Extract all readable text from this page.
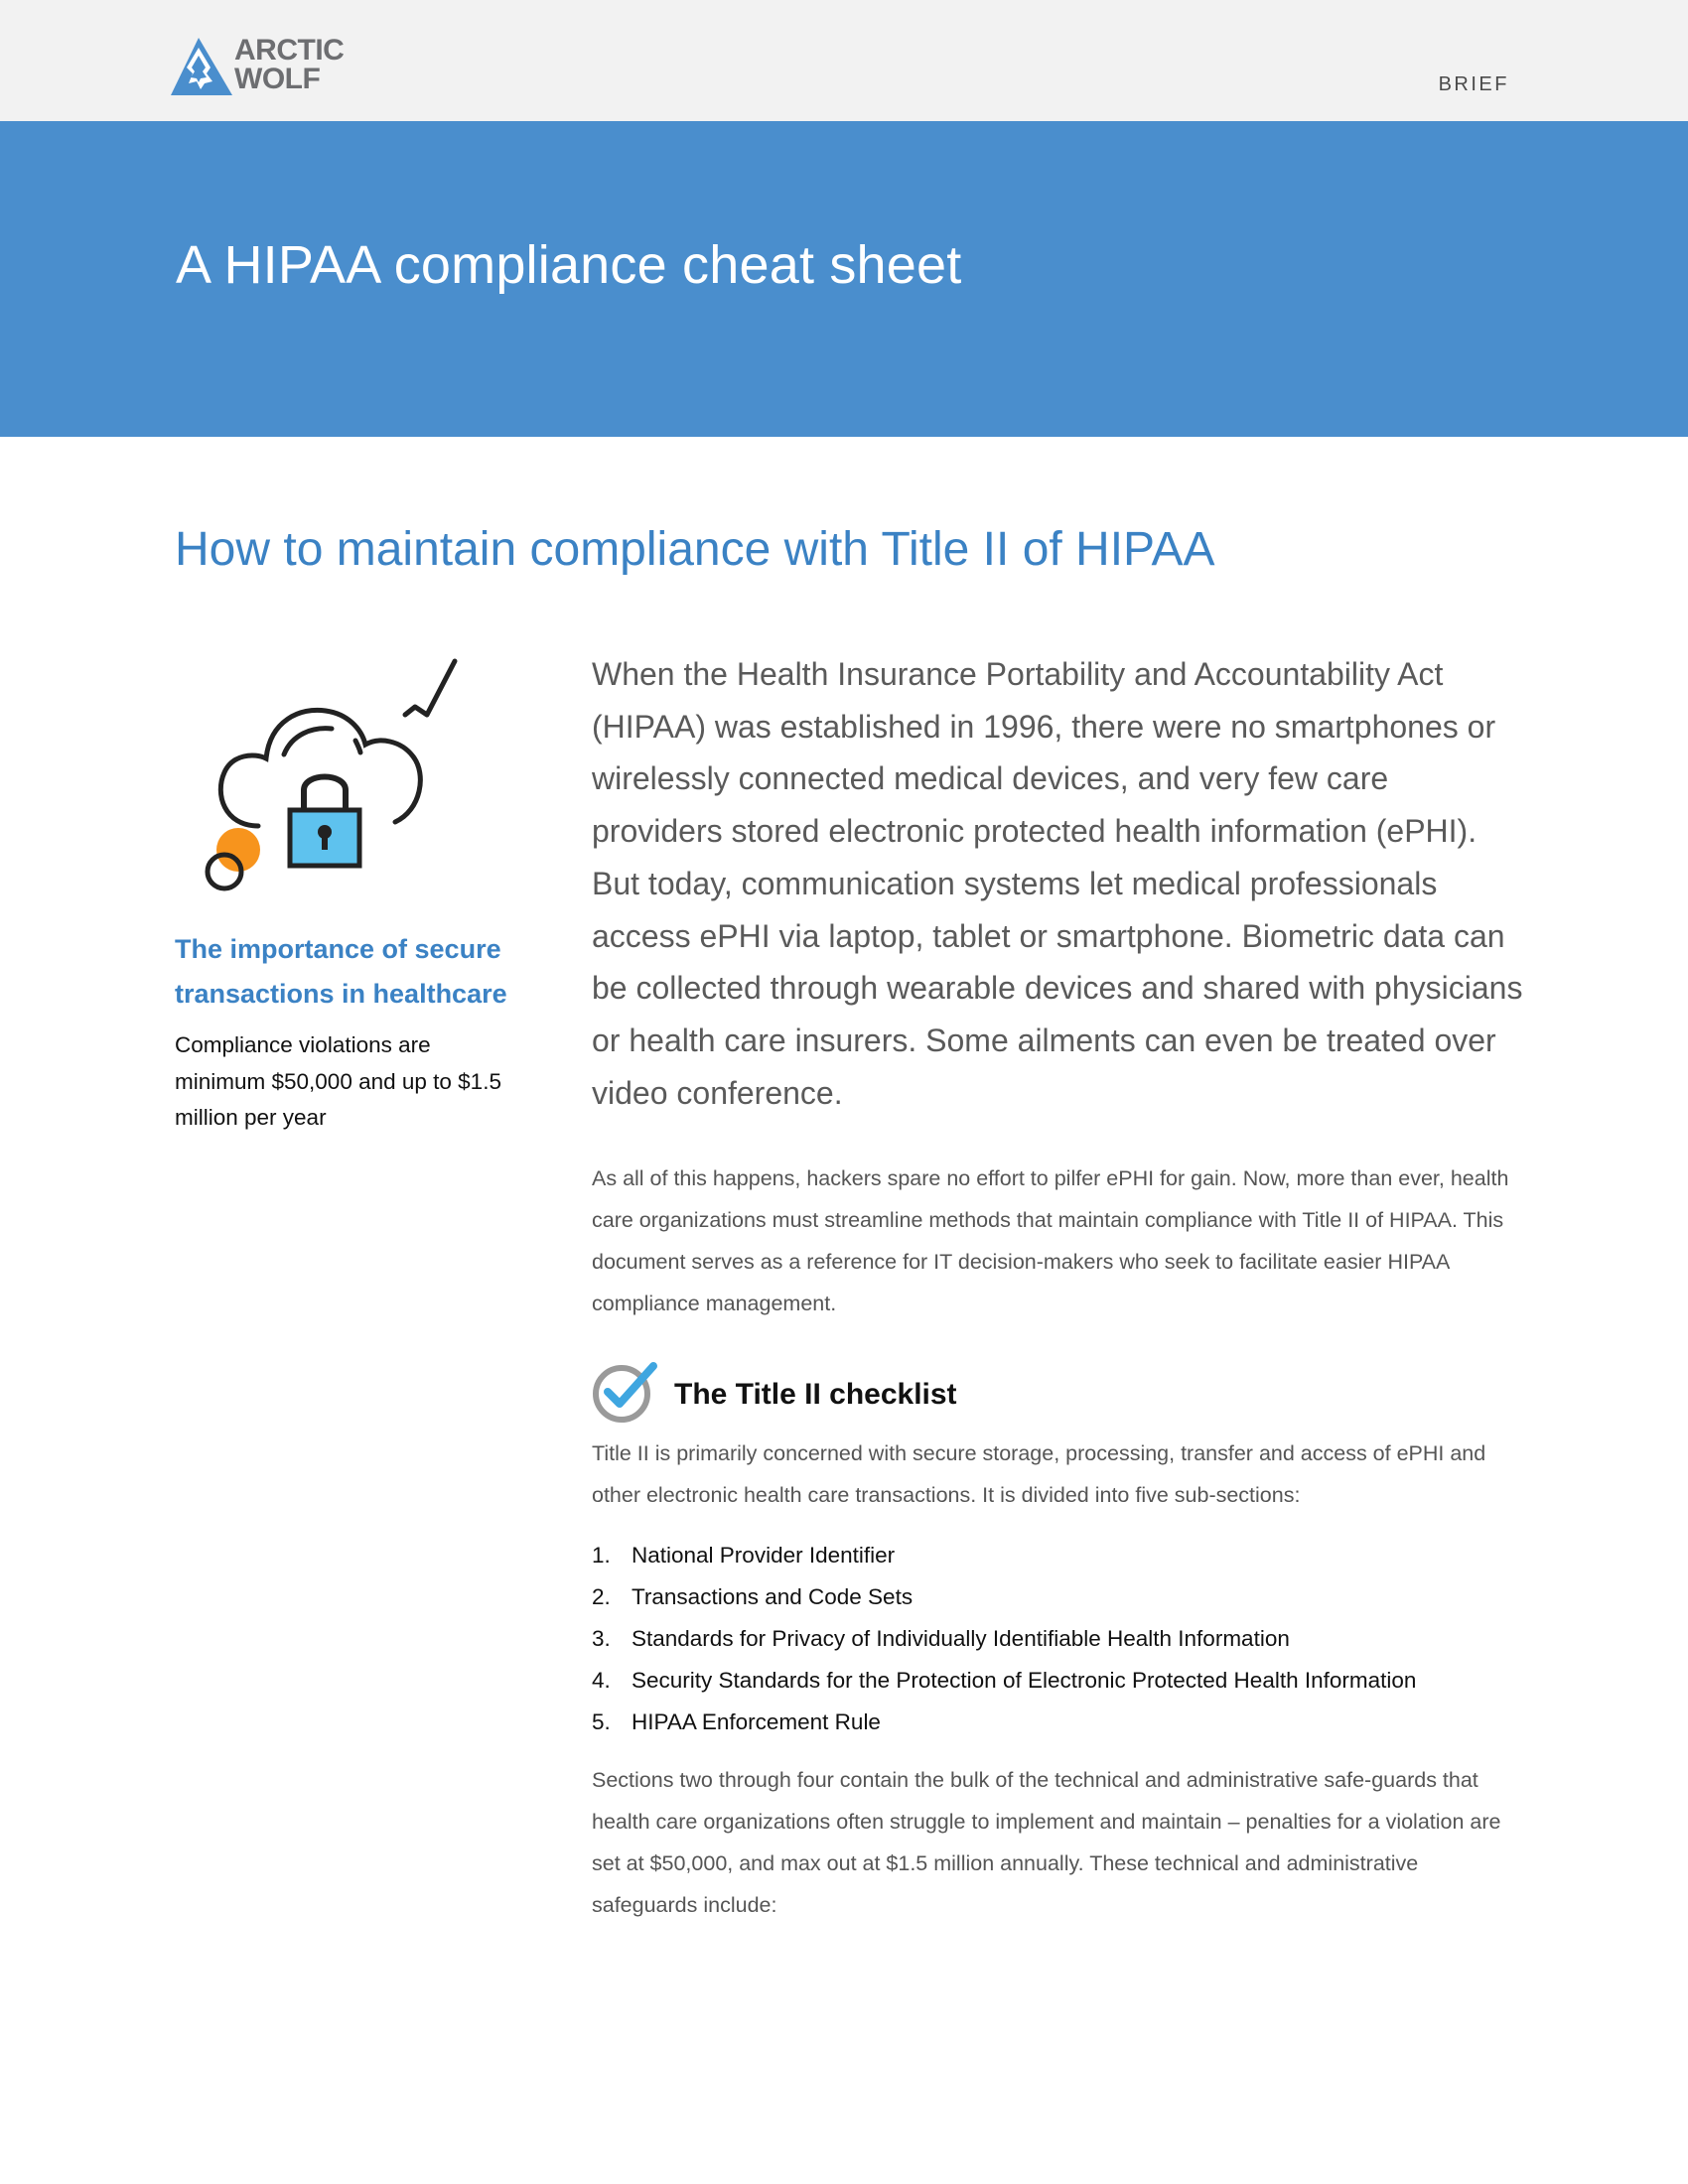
ARCTIC
WOLF	BRIEF
A HIPAA compliance cheat sheet
How to maintain compliance with Title II of HIPAA
The importance of secure transactions in healthcare

Compliance violations are minimum $50,000 and up to $1.5 million per year

When the Health Insurance Portability and Accountability Act (HIPAA) was established in 1996, there were no smartphones or wirelessly connected medical devices, and very few care providers stored electronic protected health information (ePHI). But today, communication systems let medical professionals access ePHI via laptop, tablet or smartphone. Biometric data can be collected through wearable devices and shared with physicians or health care insurers. Some ailments can even be treated over video conference.

As all of this happens, hackers spare no effort to pilfer ePHI for gain. Now, more than ever, health care organizations must streamline methods that maintain compliance with Title II of HIPAA. This document serves as a reference for IT decision-makers who seek to facilitate easier HIPAA compliance management.

The Title II checklist

Title II is primarily concerned with secure storage, processing, transfer and access of ePHI and other electronic health care transactions. It is divided into five sub-sections:

1. National Provider Identifier
2. Transactions and Code Sets
3. Standards for Privacy of Individually Identifiable Health Information
4. Security Standards for the Protection of Electronic Protected Health Information
5. HIPAA Enforcement Rule

Sections two through four contain the bulk of the technical and administrative safe-guards that health care organizations often struggle to implement and maintain – penalties for a violation are set at $50,000, and max out at $1.5 million annually. These technical and administrative safeguards include:
